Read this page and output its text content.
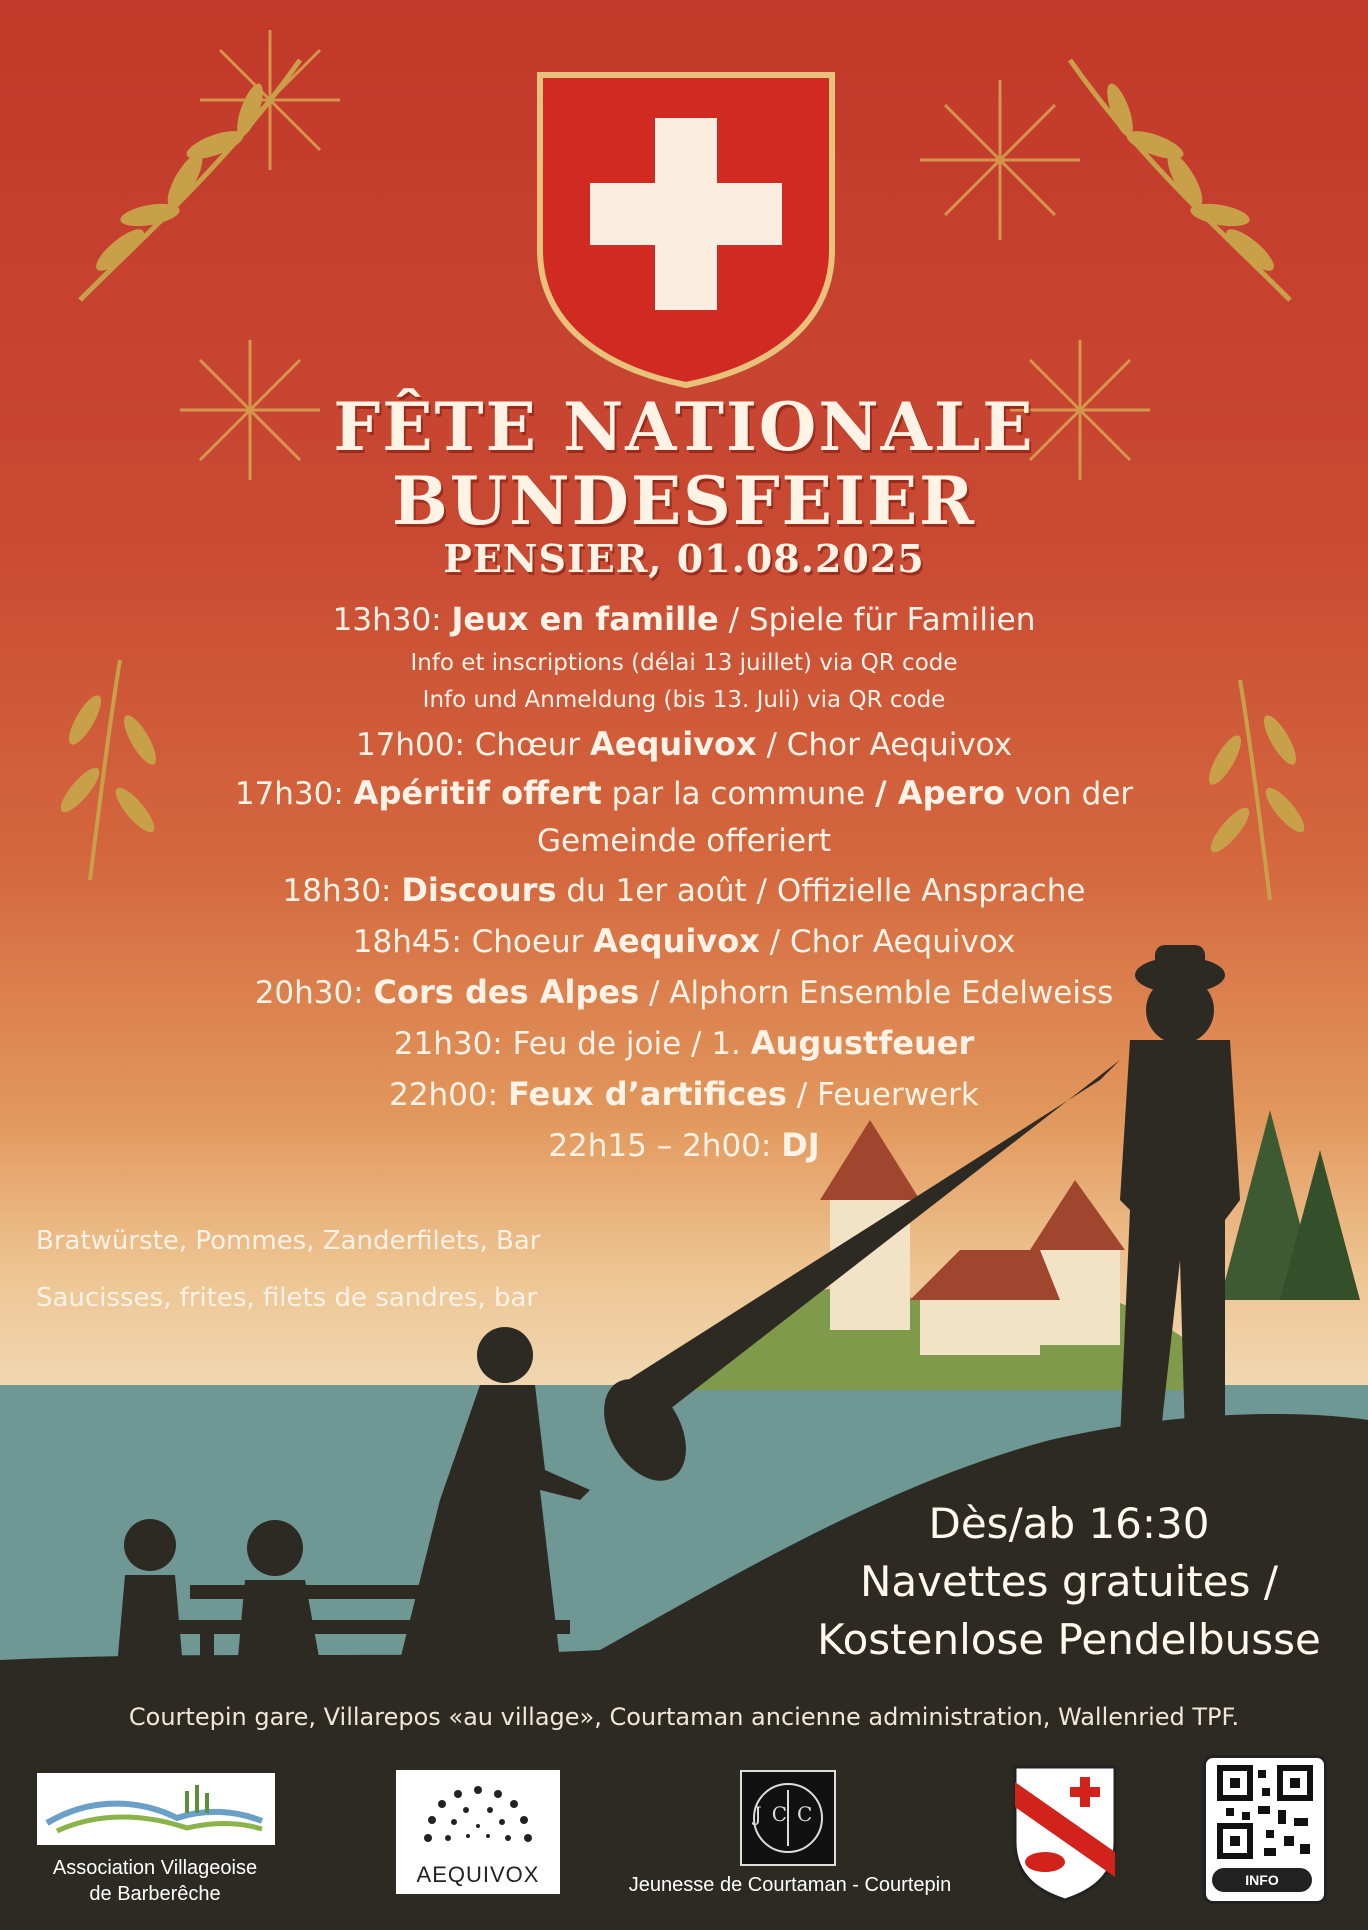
FÊTE NATIONALE
BUNDESFEIER
PENSIER, 01.08.2025
13h30: Jeux en famille / Spiele für Familien
Info et inscriptions (délai 13 juillet) via QR code
Info und Anmeldung (bis 13. Juli) via QR code
17h00: Chœur Aequivox / Chor Aequivox
17h30: Apéritif offert par la commune / Apero von der
Gemeinde offeriert
18h30: Discours du 1er août / Offizielle Ansprache
18h45: Choeur Aequivox / Chor Aequivox
20h30: Cors des Alpes / Alphorn Ensemble Edelweiss
21h30: Feu de joie / 1. Augustfeuer
22h00: Feux d’artifices / Feuerwerk
22h15 – 2h00: DJ
Bratwürste, Pommes, Zanderfilets, Bar
Saucisses, frites, filets de sandres, bar
Dès/ab 16:30
Navettes gratuites /
Kostenlose Pendelbusse
Courtepin gare, Villarepos «au village», Courtaman ancienne administration, Wallenried TPF.
Association Villageoise
de Barberêche
AEQUIVOX
JCC
Jeunesse de Courtaman - Courtepin	INFO
